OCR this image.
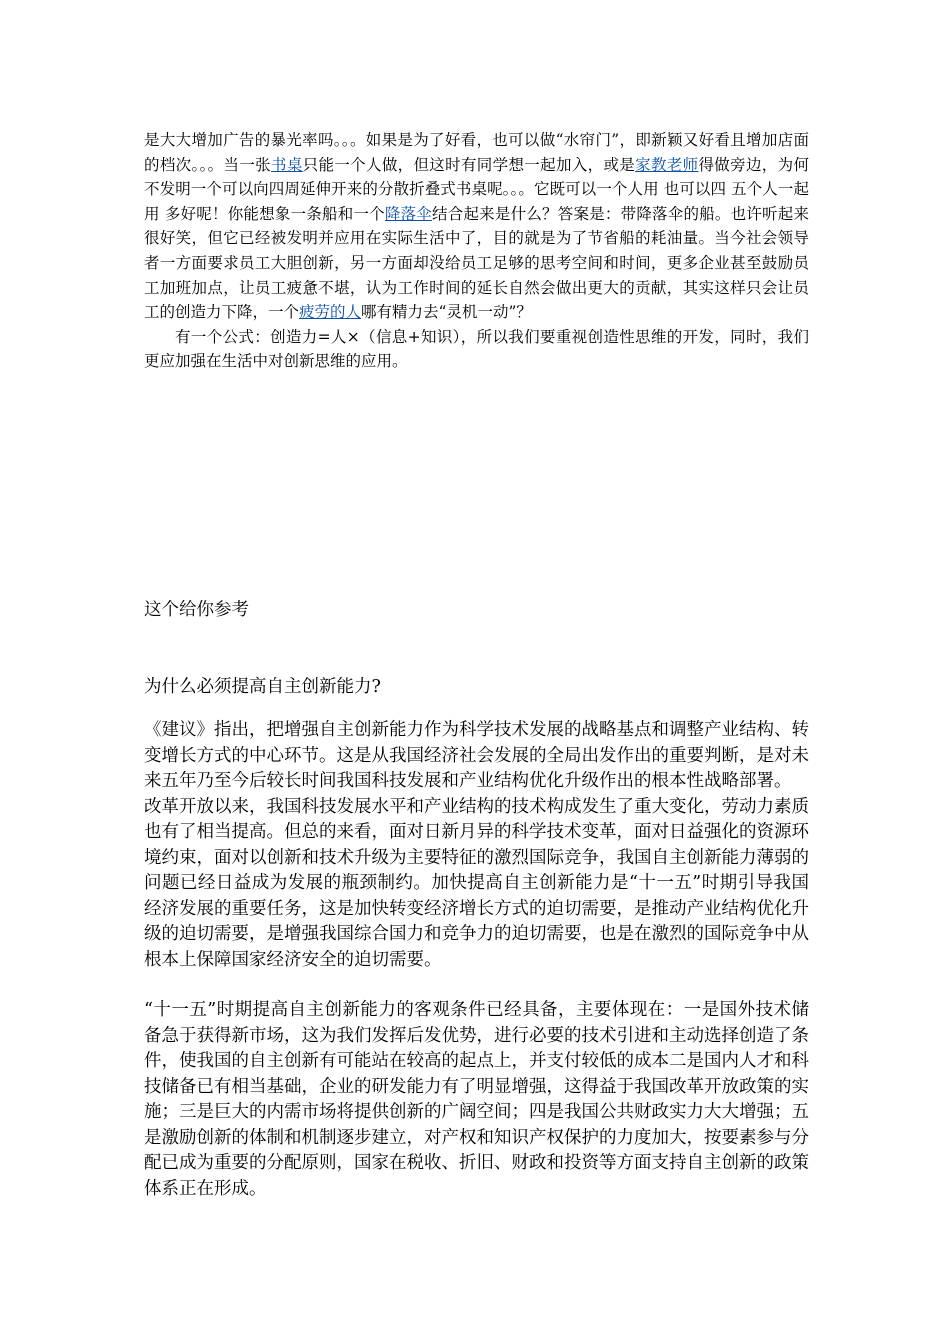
是大大增加广告的暴光率吗。。。如果是为了好看，也可以做“水帘门”，即新颖又好看且增加店面的档次。。。当一张书桌只能一个人做，但这时有同学想一起加入，或是家教老师得做旁边，为何不发明一个可以向四周延伸开来的分散折叠式书桌呢。。。它既可以一个人用 也可以四 五个人一起用 多好呢！你能想象一条船和一个降落伞结合起来是什么？答案是：带降落伞的船。也许听起来很好笑，但它已经被发明并应用在实际生活中了，目的就是为了节省船的耗油量。当今社会领导者一方面要求员工大胆创新，另一方面却没给员工足够的思考空间和时间，更多企业甚至鼓励员工加班加点，让员工疲惫不堪，认为工作时间的延长自然会做出更大的贡献，其实这样只会让员工的创造力下降，一个疲劳的人哪有精力去“灵机一动”？

有一个公式：创造力=人×（信息+知识），所以我们要重视创造性思维的开发，同时，我们更应加强在生活中对创新思维的应用。

这个给你参考

为什么必须提高自主创新能力?

《建议》指出，把增强自主创新能力作为科学技术发展的战略基点和调整产业结构、转变增长方式的中心环节。这是从我国经济社会发展的全局出发作出的重要判断，是对未来五年乃至今后较长时间我国科技发展和产业结构优化升级作出的根本性战略部署。

改革开放以来，我国科技发展水平和产业结构的技术构成发生了重大变化，劳动力素质也有了相当提高。但总的来看，面对日新月异的科学技术变革，面对日益强化的资源环境约束，面对以创新和技术升级为主要特征的激烈国际竞争，我国自主创新能力薄弱的问题已经日益成为发展的瓶颈制约。加快提高自主创新能力是“十一五”时期引导我国经济发展的重要任务，这是加快转变经济增长方式的迫切需要，是推动产业结构优化升级的迫切需要，是增强我国综合国力和竞争力的迫切需要，也是在激烈的国际竞争中从根本上保障国家经济安全的迫切需要。

“十一五”时期提高自主创新能力的客观条件已经具备，主要体现在：一是国外技术储备急于获得新市场，这为我们发挥后发优势，进行必要的技术引进和主动选择创造了条件，使我国的自主创新有可能站在较高的起点上，并支付较低的成本二是国内人才和科技储备已有相当基础，企业的研发能力有了明显增强，这得益于我国改革开放政策的实施；三是巨大的内需市场将提供创新的广阔空间；四是我国公共财政实力大大增强；五是激励创新的体制和机制逐步建立，对产权和知识产权保护的力度加大，按要素参与分配已成为重要的分配原则，国家在税收、折旧、财政和投资等方面支持自主创新的政策体系正在形成。
